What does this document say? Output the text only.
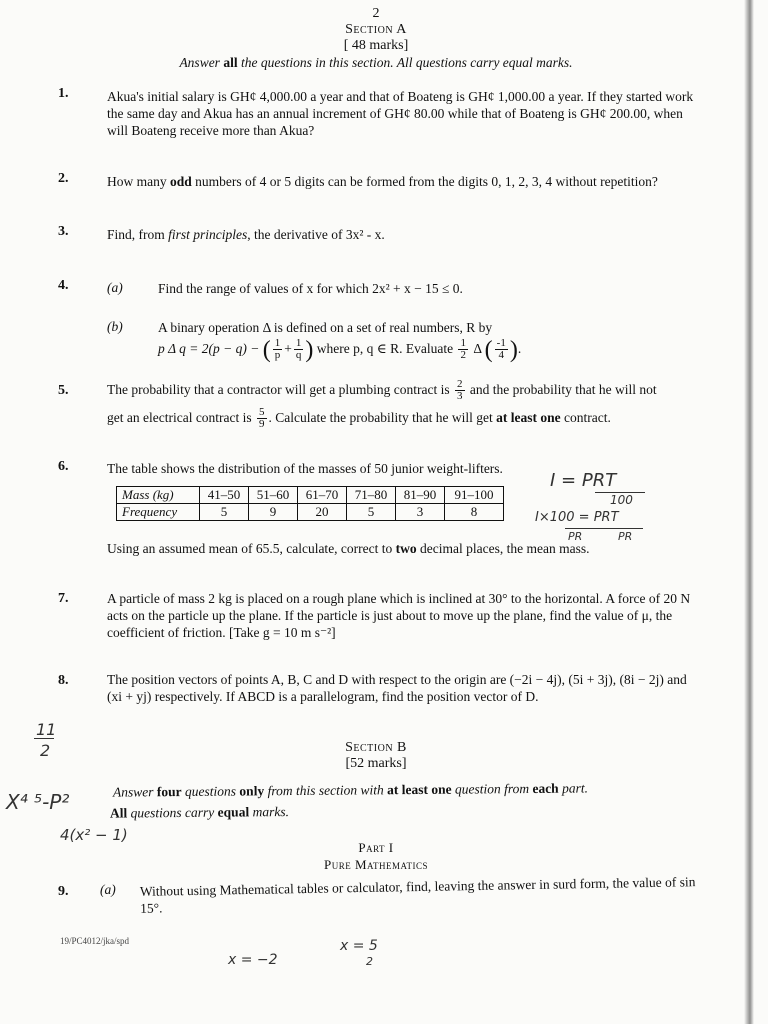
2
Section A
[ 48 marks]
Answer all the questions in this section. All questions carry equal marks.
1.	Akua's initial salary is GH¢ 4,000.00 a year and that of Boateng is GH¢ 1,000.00 a year. If they started work the same day and Akua has an annual increment of GH¢ 80.00 while that of Boateng is GH¢ 200.00, when will Boateng receive more than Akua?
2.	How many odd numbers of 4 or 5 digits can be formed from the digits 0, 1, 2, 3, 4 without repetition?
3.	Find, from first principles, the derivative of 3x² - x.
4.	(a)	Find the range of values of x for which 2x² + x − 15 ≤ 0.
(b)	A binary operation Δ is defined on a set of real numbers, R by
p Δ q = 2(p − q) − ( $\frac{1}{p} + \frac{1}{q}$ ) where p, q ∈ R. Evaluate $\frac{1}{2}$ Δ ( $\frac{-1}{4}$ ).
5.	The probability that a contractor will get a plumbing contract is $\frac{2}{3}$ and the probability that he will not
get an electrical contract is $\frac{5}{9}$ . Calculate the probability that he will get at least one contract.
6.	The table shows the distribution of the masses of 50 junior weight-lifters.
Mass (kg)	41–50	51–60	61–70	71–80	81–90	91–100
Frequency	5	9	20	5	3	8
Using an assumed mean of 65.5, calculate, correct to two decimal places, the mean mass.
I = PRT
100
I×100 = PRT
PR	PR
7.	A particle of mass 2 kg is placed on a rough plane which is inclined at 30° to the horizontal. A force of 20 N acts on the particle up the plane. If the particle is just about to move up the plane, find the value of μ, the coefficient of friction. [Take g = 10 m s⁻²]
8.	The position vectors of points A, B, C and D with respect to the origin are (−2i − 4j), (5i + 3j), (8i − 2j) and (xi + yj) respectively. If ABCD is a parallelogram, find the position vector of D.
11
2
X⁴ ⁵-P²
4(x² − 1)
Section B
[52 marks]
Answer four questions only from this section with at least one question from each part.
All questions carry equal marks.
Part I
Pure Mathematics
9. (a) Without using Mathematical tables or calculator, find, leaving the answer in surd form, the value of sin 15°.
19/PC4012/jka/spd
x = −2
x = 5
2
